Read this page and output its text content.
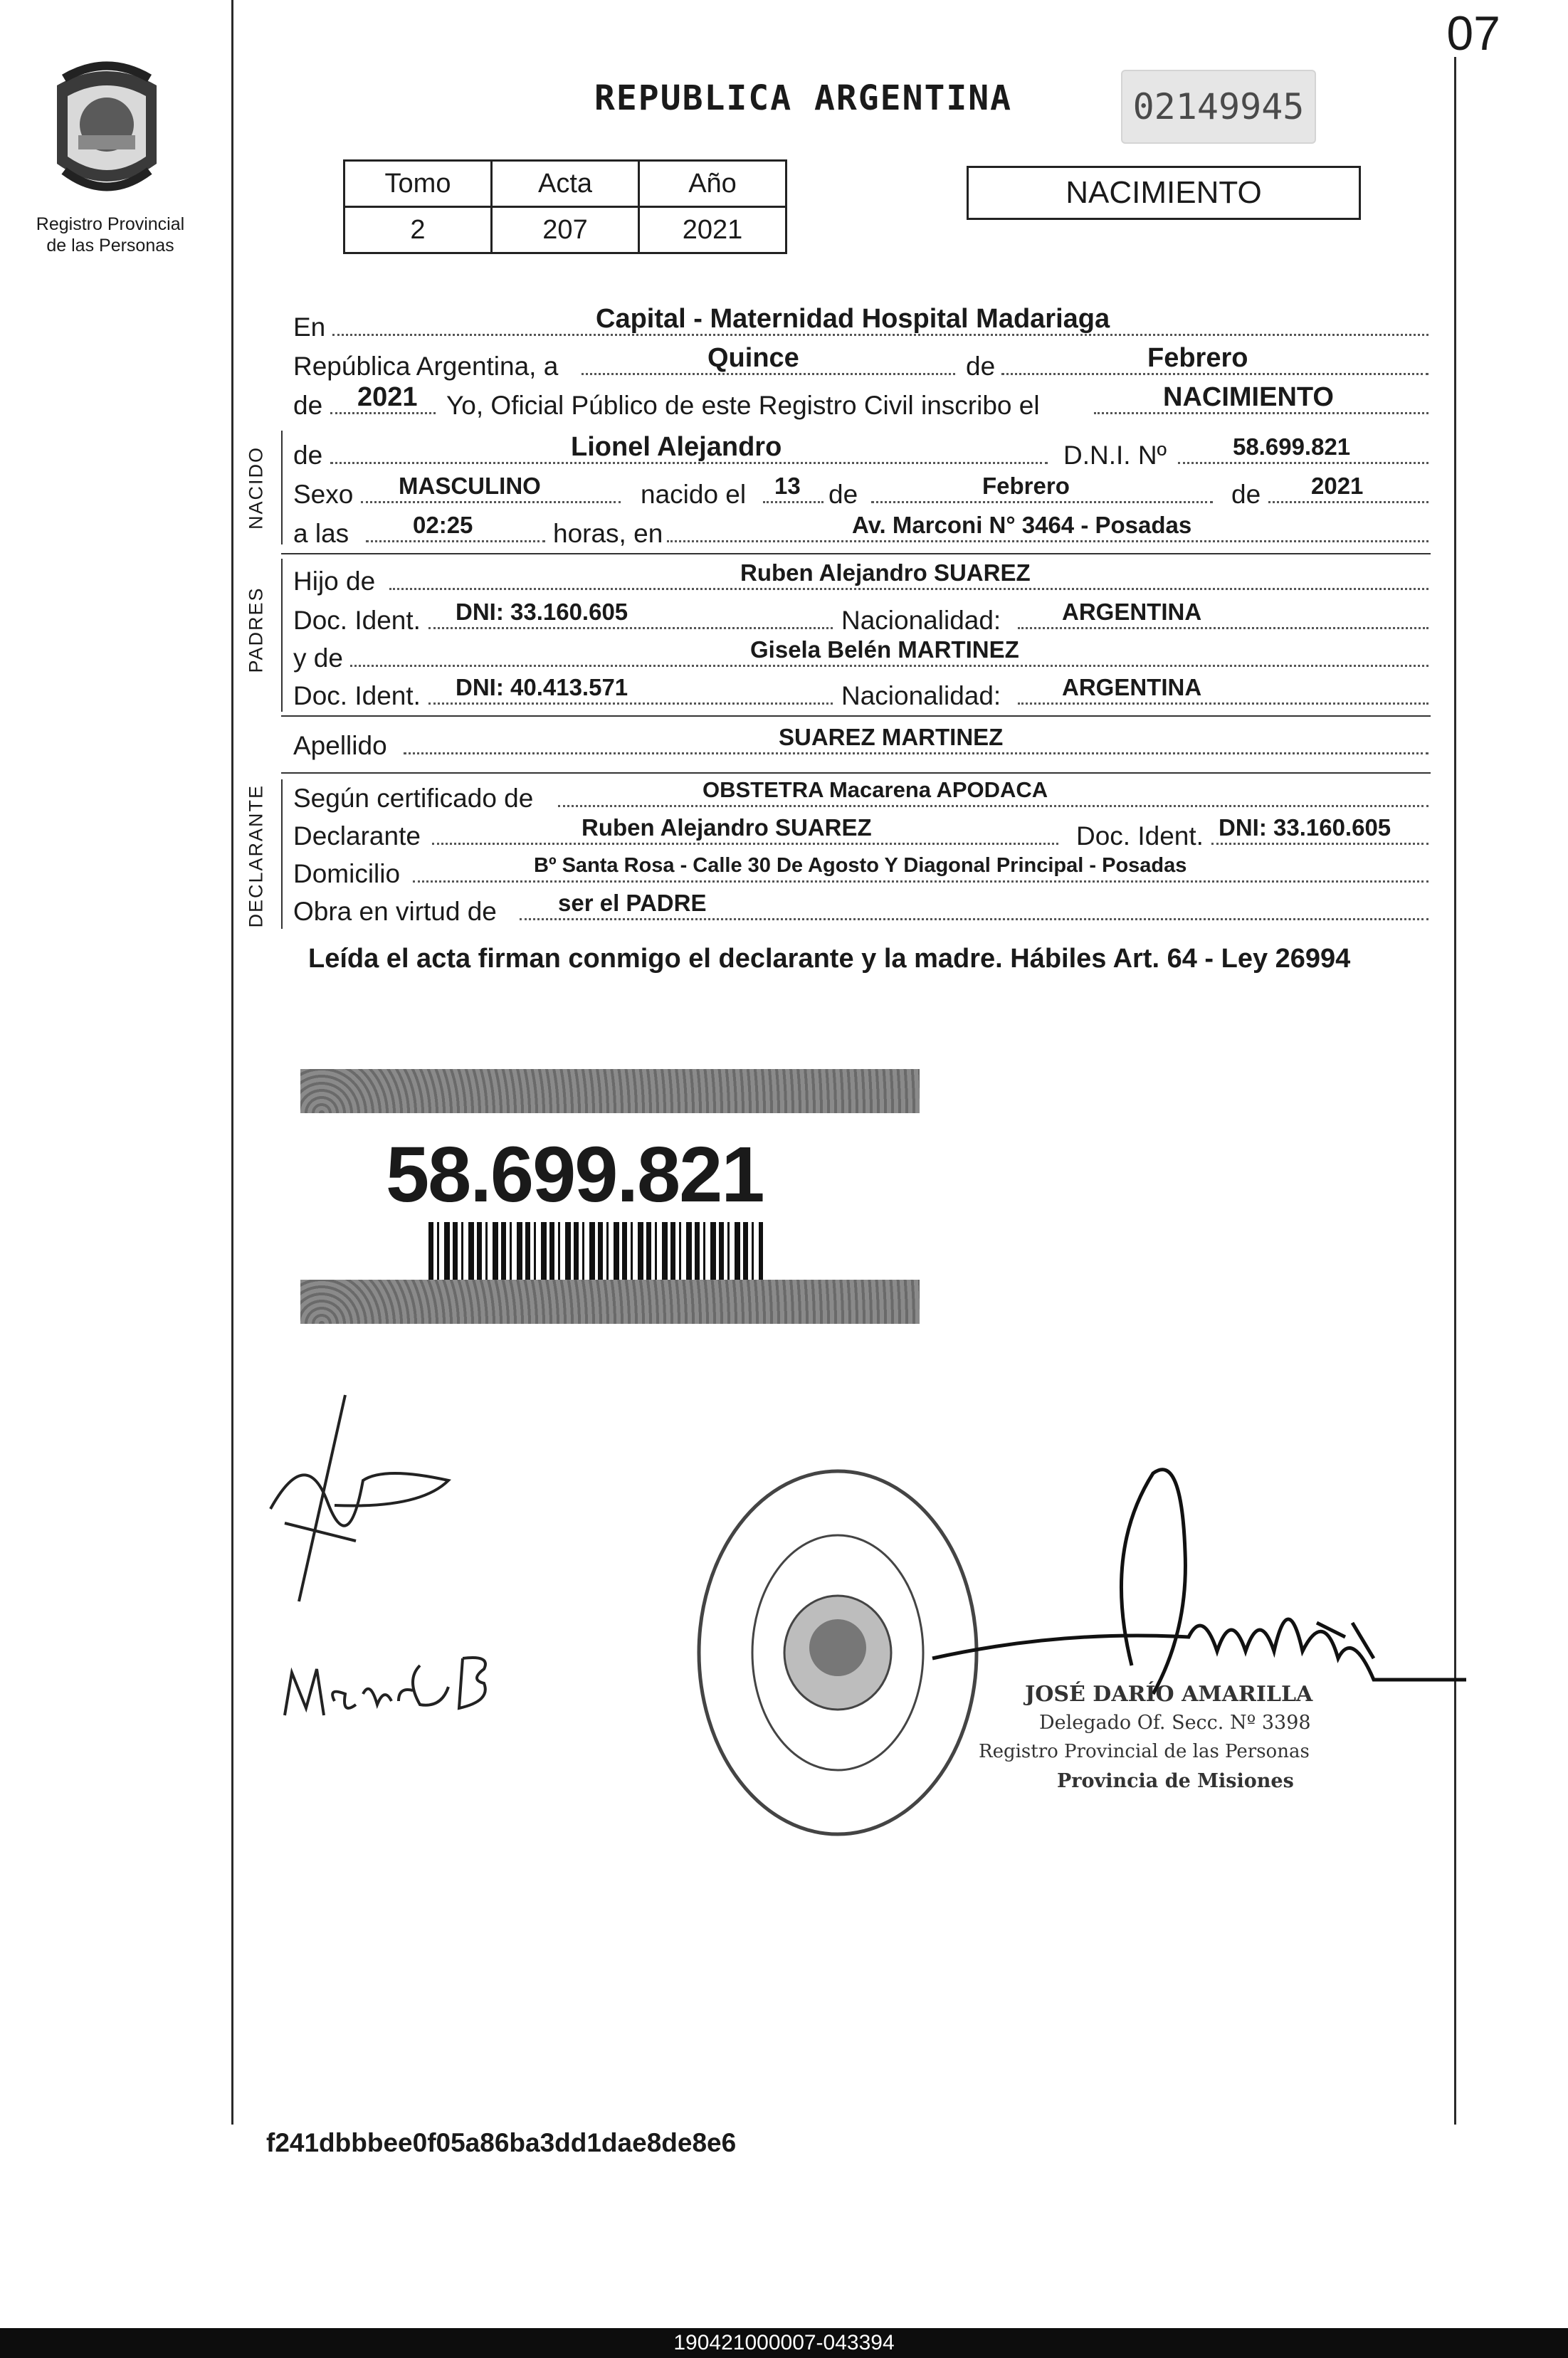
07
Registro Provincial
de las Personas
REPUBLICA ARGENTINA	02149945
Tomo	Acta	Año
2	207	2021
NACIMIENTO
En	Capital - Maternidad Hospital Madariaga
República Argentina, a	Quince	de	Febrero
de 2021 Yo, Oficial Público de este Registro Civil inscribo el	NACIMIENTO
NACIDO de	Lionel Alejandro	D.N.I. Nº	58.699.821
Sexo MASCULINO	nacido el 13 de	Febrero	de 2021
a las	02:25	horas, en	Av. Marconi N° 3464 - Posadas
PADRES
Hijo de	Ruben Alejandro SUAREZ
Doc. Ident. DNI: 33.160.605	Nacionalidad:	ARGENTINA
y de	Gisela Belén MARTINEZ
Doc. Ident. DNI: 40.413.571	Nacionalidad:	ARGENTINA
Apellido	SUAREZ MARTINEZ
DECLARANTE Según certificado de	OBSTETRA Macarena APODACA
Declarante	Ruben Alejandro SUAREZ	Doc. Ident. DNI: 33.160.605
Domicilio	Bº Santa Rosa - Calle 30 De Agosto Y Diagonal Principal - Posadas
Obra en virtud de	ser el PADRE
Leída el acta firman conmigo el declarante y la madre. Hábiles Art. 64 - Ley 26994
58.699.821
JOSÉ DARÍO AMARILLA
Delegado Of. Secc. Nº 3398
Registro Provincial de las Personas
Provincia de Misiones
f241dbbbee0f05a86ba3dd1dae8de8e6
190421000007-043394
